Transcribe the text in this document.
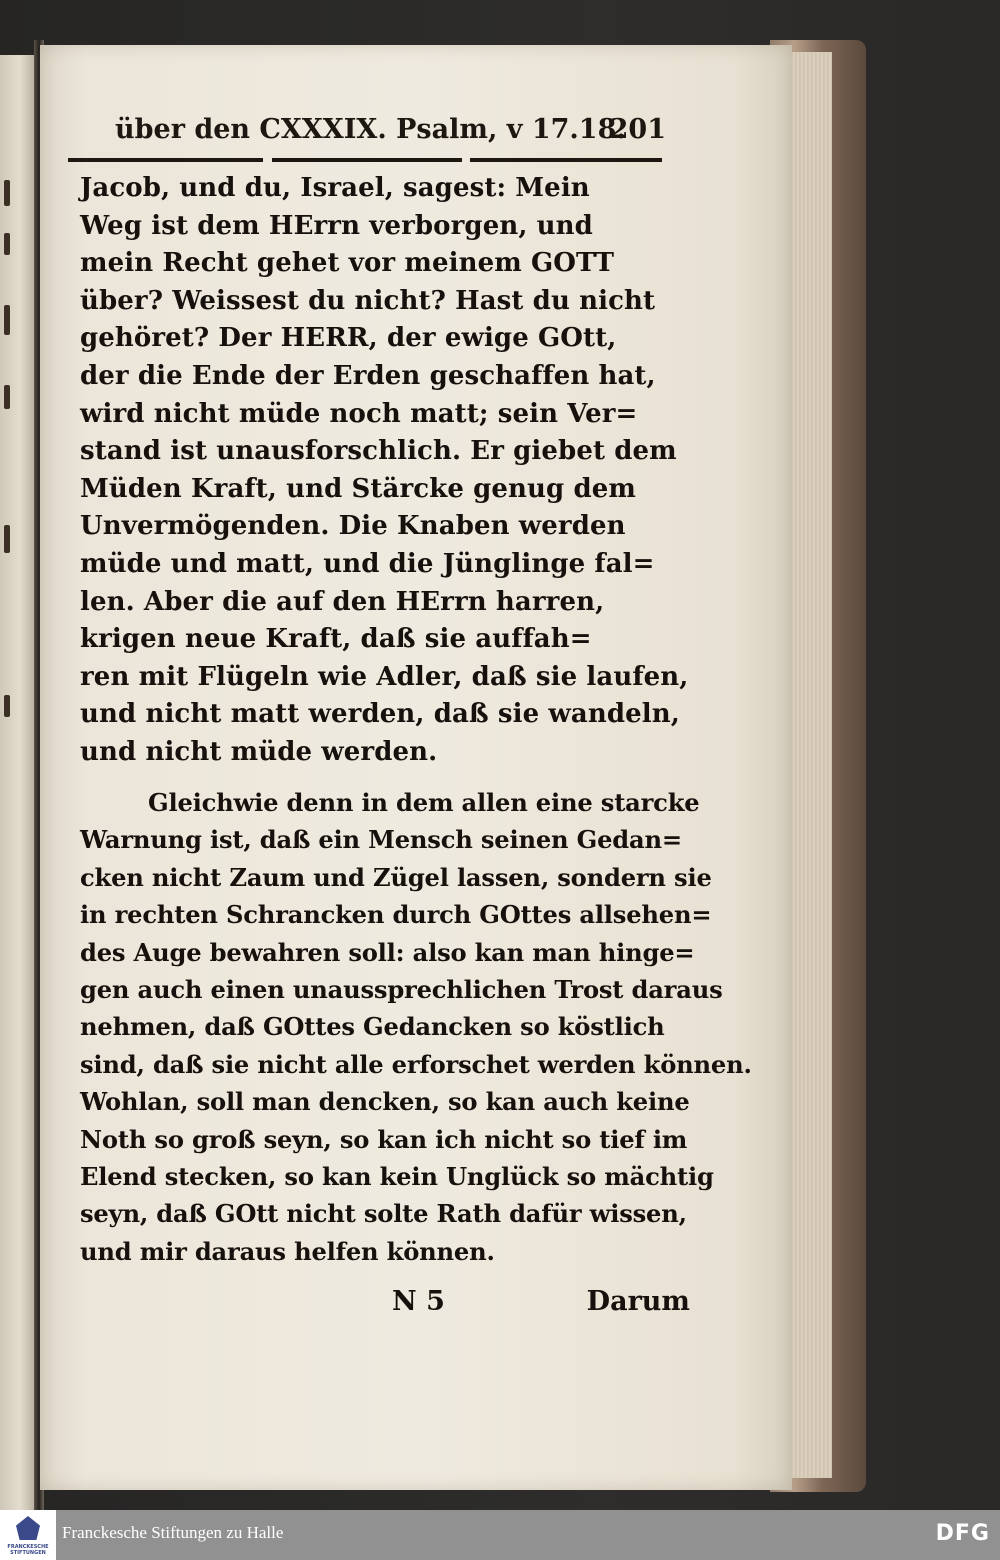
über den CXXXIX. Psalm, v 17.18.
201
Jacob, und du, Israel, sagest: Mein
Weg ist dem HErrn verborgen, und
mein Recht gehet vor meinem GOTT
über? Weissest du nicht? Hast du nicht
gehöret? Der HERR, der ewige GOtt,
der die Ende der Erden geschaffen hat,
wird nicht müde noch matt; sein Ver=
stand ist unausforschlich. Er giebet dem
Müden Kraft, und Stärcke genug dem
Unvermögenden. Die Knaben werden
müde und matt, und die Jünglinge fal=
len. Aber die auf den HErrn harren,
krigen neue Kraft, daß sie auffah=
ren mit Flügeln wie Adler, daß sie laufen,
und nicht matt werden, daß sie wandeln,
und nicht müde werden.
Gleichwie denn in dem allen eine starcke
Warnung ist, daß ein Mensch seinen Gedan=
cken nicht Zaum und Zügel lassen, sondern sie
in rechten Schrancken durch GOttes allsehen=
des Auge bewahren soll: also kan man hinge=
gen auch einen unaussprechlichen Trost daraus
nehmen, daß GOttes Gedancken so köstlich
sind, daß sie nicht alle erforschet werden können.
Wohlan, soll man dencken, so kan auch keine
Noth so groß seyn, so kan ich nicht so tief im
Elend stecken, so kan kein Unglück so mächtig
seyn, daß GOtt nicht solte Rath dafür wissen,
und mir daraus helfen können.
N 5	Darum
FRANCKESCHE STIFTUNGEN
Franckesche Stiftungen zu Halle	DFG
